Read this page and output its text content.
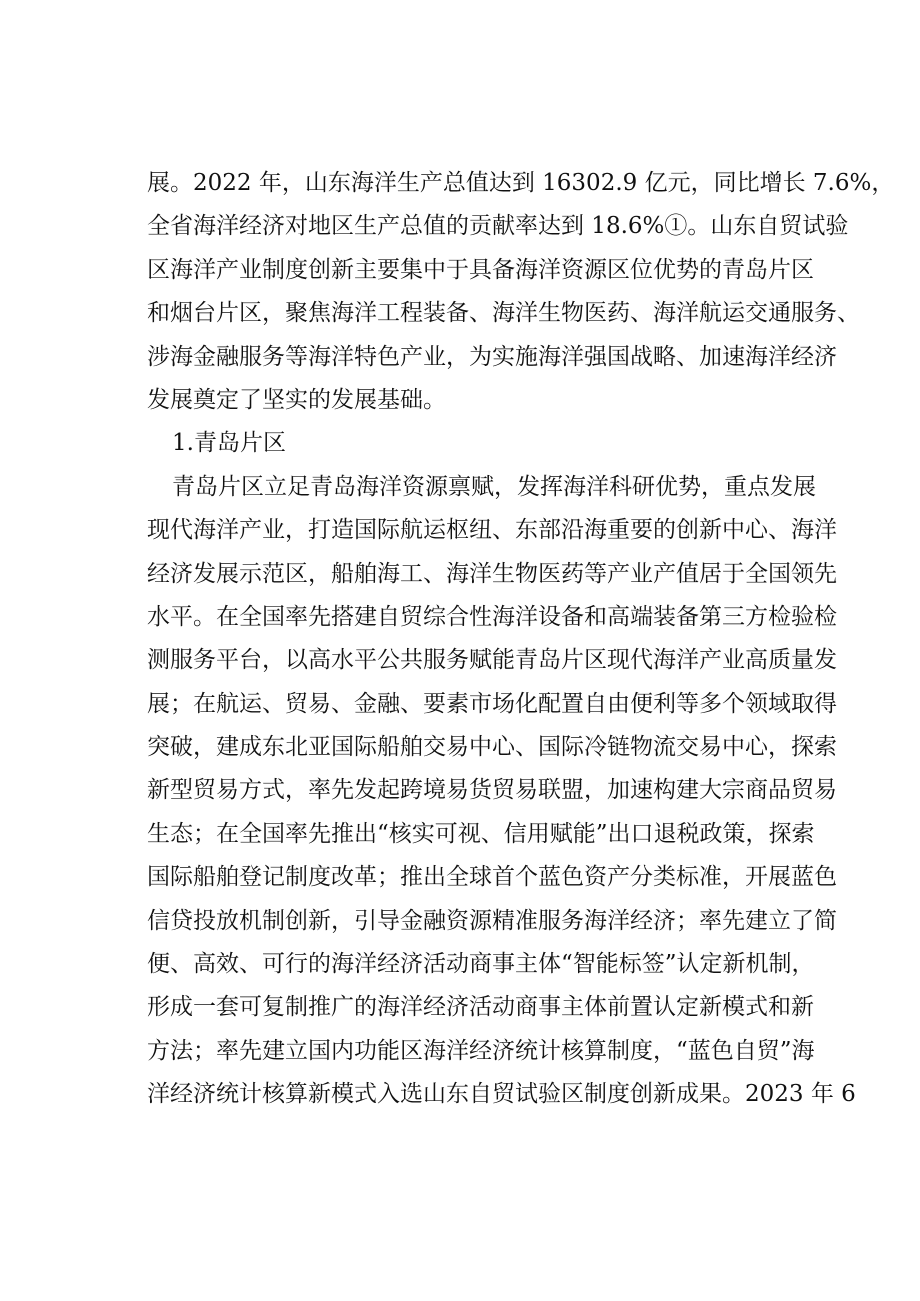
展。2022 年，山东海洋生产总值达到 16302.9 亿元，同比增长 7.6%，
全省海洋经济对地区生产总值的贡献率达到 18.6%①。山东自贸试验
区海洋产业制度创新主要集中于具备海洋资源区位优势的青岛片区
和烟台片区，聚焦海洋工程装备、海洋生物医药、海洋航运交通服务、
涉海金融服务等海洋特色产业，为实施海洋强国战略、加速海洋经济
发展奠定了坚实的发展基础。
1.青岛片区
青岛片区立足青岛海洋资源禀赋，发挥海洋科研优势，重点发展
现代海洋产业，打造国际航运枢纽、东部沿海重要的创新中心、海洋
经济发展示范区，船舶海工、海洋生物医药等产业产值居于全国领先
水平。在全国率先搭建自贸综合性海洋设备和高端装备第三方检验检
测服务平台，以高水平公共服务赋能青岛片区现代海洋产业高质量发
展；在航运、贸易、金融、要素市场化配置自由便利等多个领域取得
突破，建成东北亚国际船舶交易中心、国际冷链物流交易中心，探索
新型贸易方式，率先发起跨境易货贸易联盟，加速构建大宗商品贸易
生态；在全国率先推出“核实可视、信用赋能”出口退税政策，探索
国际船舶登记制度改革；推出全球首个蓝色资产分类标准，开展蓝色
信贷投放机制创新，引导金融资源精准服务海洋经济；率先建立了简
便、高效、可行的海洋经济活动商事主体“智能标签”认定新机制，
形成一套可复制推广的海洋经济活动商事主体前置认定新模式和新
方法；率先建立国内功能区海洋经济统计核算制度，“蓝色自贸”海
洋经济统计核算新模式入选山东自贸试验区制度创新成果。2023 年 6
